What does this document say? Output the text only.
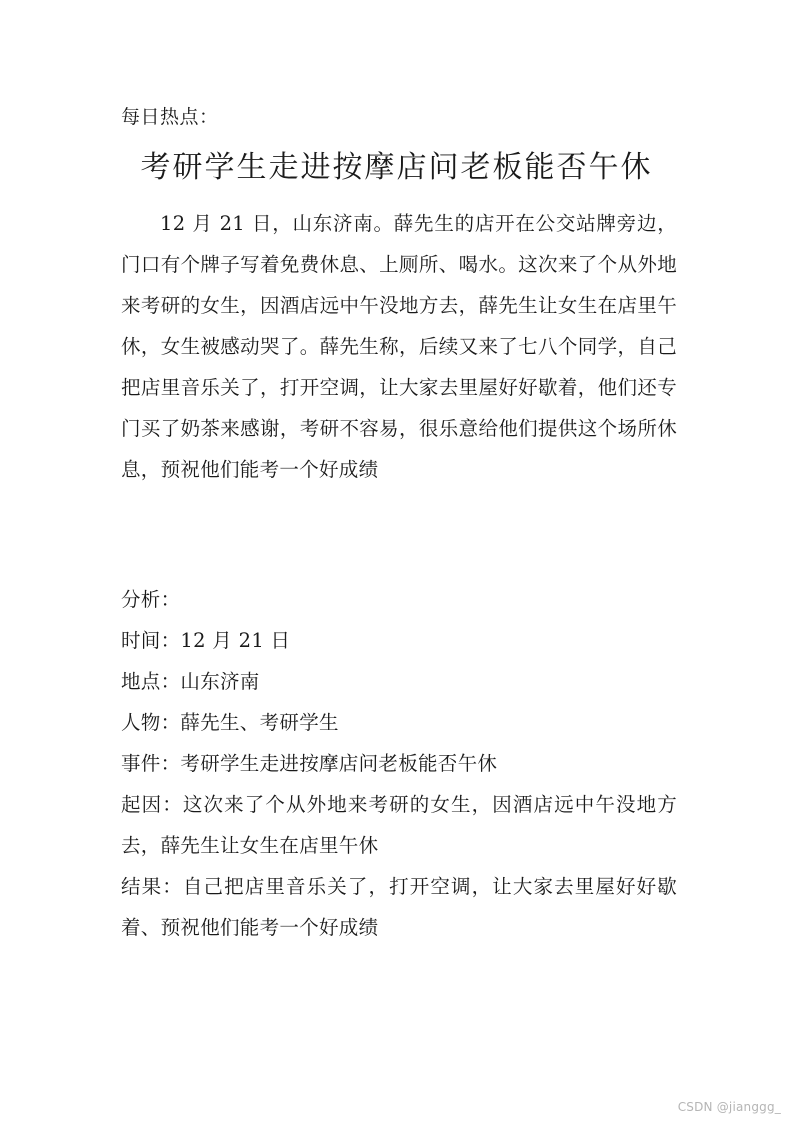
每日热点：
考研学生走进按摩店问老板能否午休

12 月 21 日，山东济南。薛先生的店开在公交站牌旁边，门口有个牌子写着免费休息、上厕所、喝水。这次来了个从外地来考研的女生，因酒店远中午没地方去，薛先生让女生在店里午休，女生被感动哭了。薛先生称，后续又来了七八个同学，自己把店里音乐关了，打开空调，让大家去里屋好好歇着，他们还专门买了奶茶来感谢，考研不容易，很乐意给他们提供这个场所休息，预祝他们能考一个好成绩

分析：
时间：12 月 21 日
地点：山东济南
人物：薛先生、考研学生
事件：考研学生走进按摩店问老板能否午休
起因：这次来了个从外地来考研的女生，因酒店远中午没地方去，薛先生让女生在店里午休
结果：自己把店里音乐关了，打开空调，让大家去里屋好好歇着、预祝他们能考一个好成绩
CSDN @jianggg_
